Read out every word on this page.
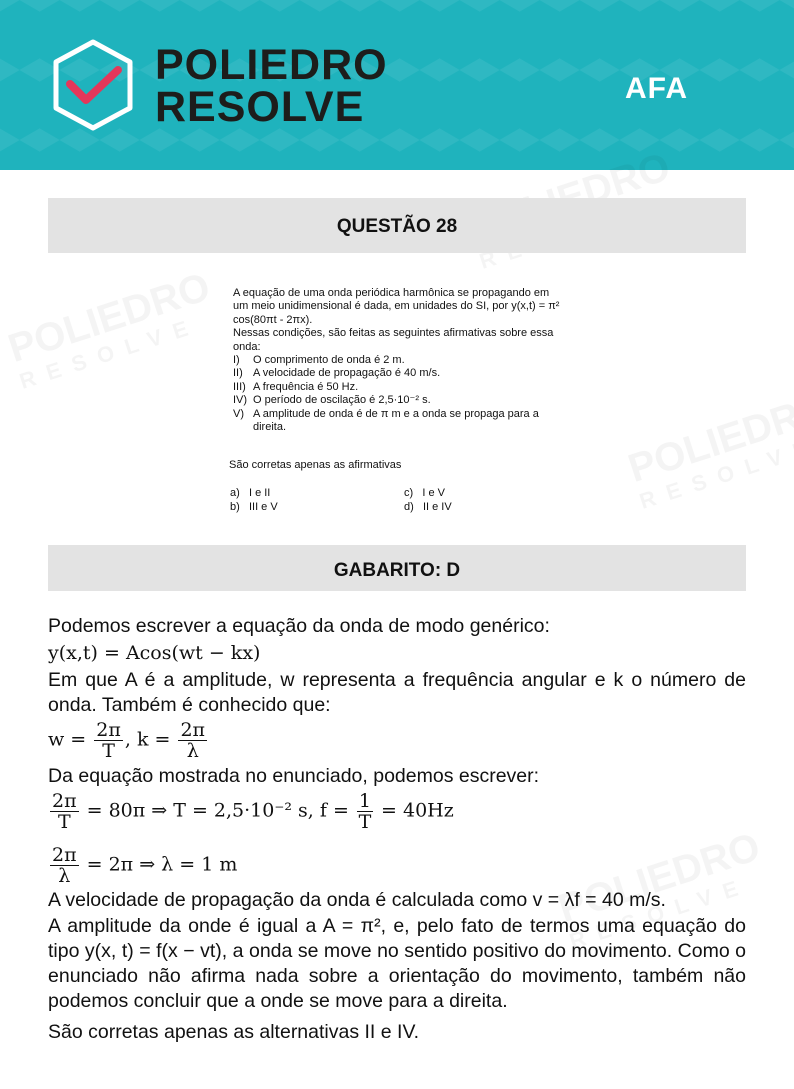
POLIEDRO
RESOLVE	AFA
QUESTÃO 28

A equação de uma onda periódica harmônica se propagando em um meio unidimensional é dada, em unidades do SI, por y(x,t) = π² cos(80πt - 2πx).

Nessas condições, são feitas as seguintes afirmativas sobre essa onda:

I)	O comprimento de onda é 2 m.
II) A velocidade de propagação é 40 m/s.
III) A frequência é 50 Hz.
IV) O período de oscilação é 2,5·10⁻² s.
V) A amplitude de onda é de π m e a onda se propaga para a direita.
São corretas apenas as afirmativas
a) I e II
b) III e V
c) I e V
d) II e IV
GABARITO: D
Podemos escrever a equação da onda de modo genérico:
y(x,t) = Acos(wt − kx)
Em que A é a amplitude, w representa a frequência angular e k o número de onda. Também é conhecido que:
$w = \frac{2\pi}{T}$ , $k = \frac{2\pi}{\lambda}$
Da equação mostrada no enunciado, podemos escrever:
$\frac{2\pi}{T} = 80\pi$ ⇒ T = 2,5·10⁻² s, $f = \frac{1}{T} = 40Hz$
$\frac{2\pi}{\lambda} = 2\pi$ ⇒ λ = 1 m
A velocidade de propagação da onda é calculada como v = λf = 40 m/s.
A amplitude da onde é igual a A = π², e, pelo fato de termos uma equação do tipo y(x, t) = f(x − vt), a onda se move no sentido positivo do movimento. Como o enunciado não afirma nada sobre a orientação do movimento, também não podemos concluir que a onde se move para a direita.
São corretas apenas as alternativas II e IV.
